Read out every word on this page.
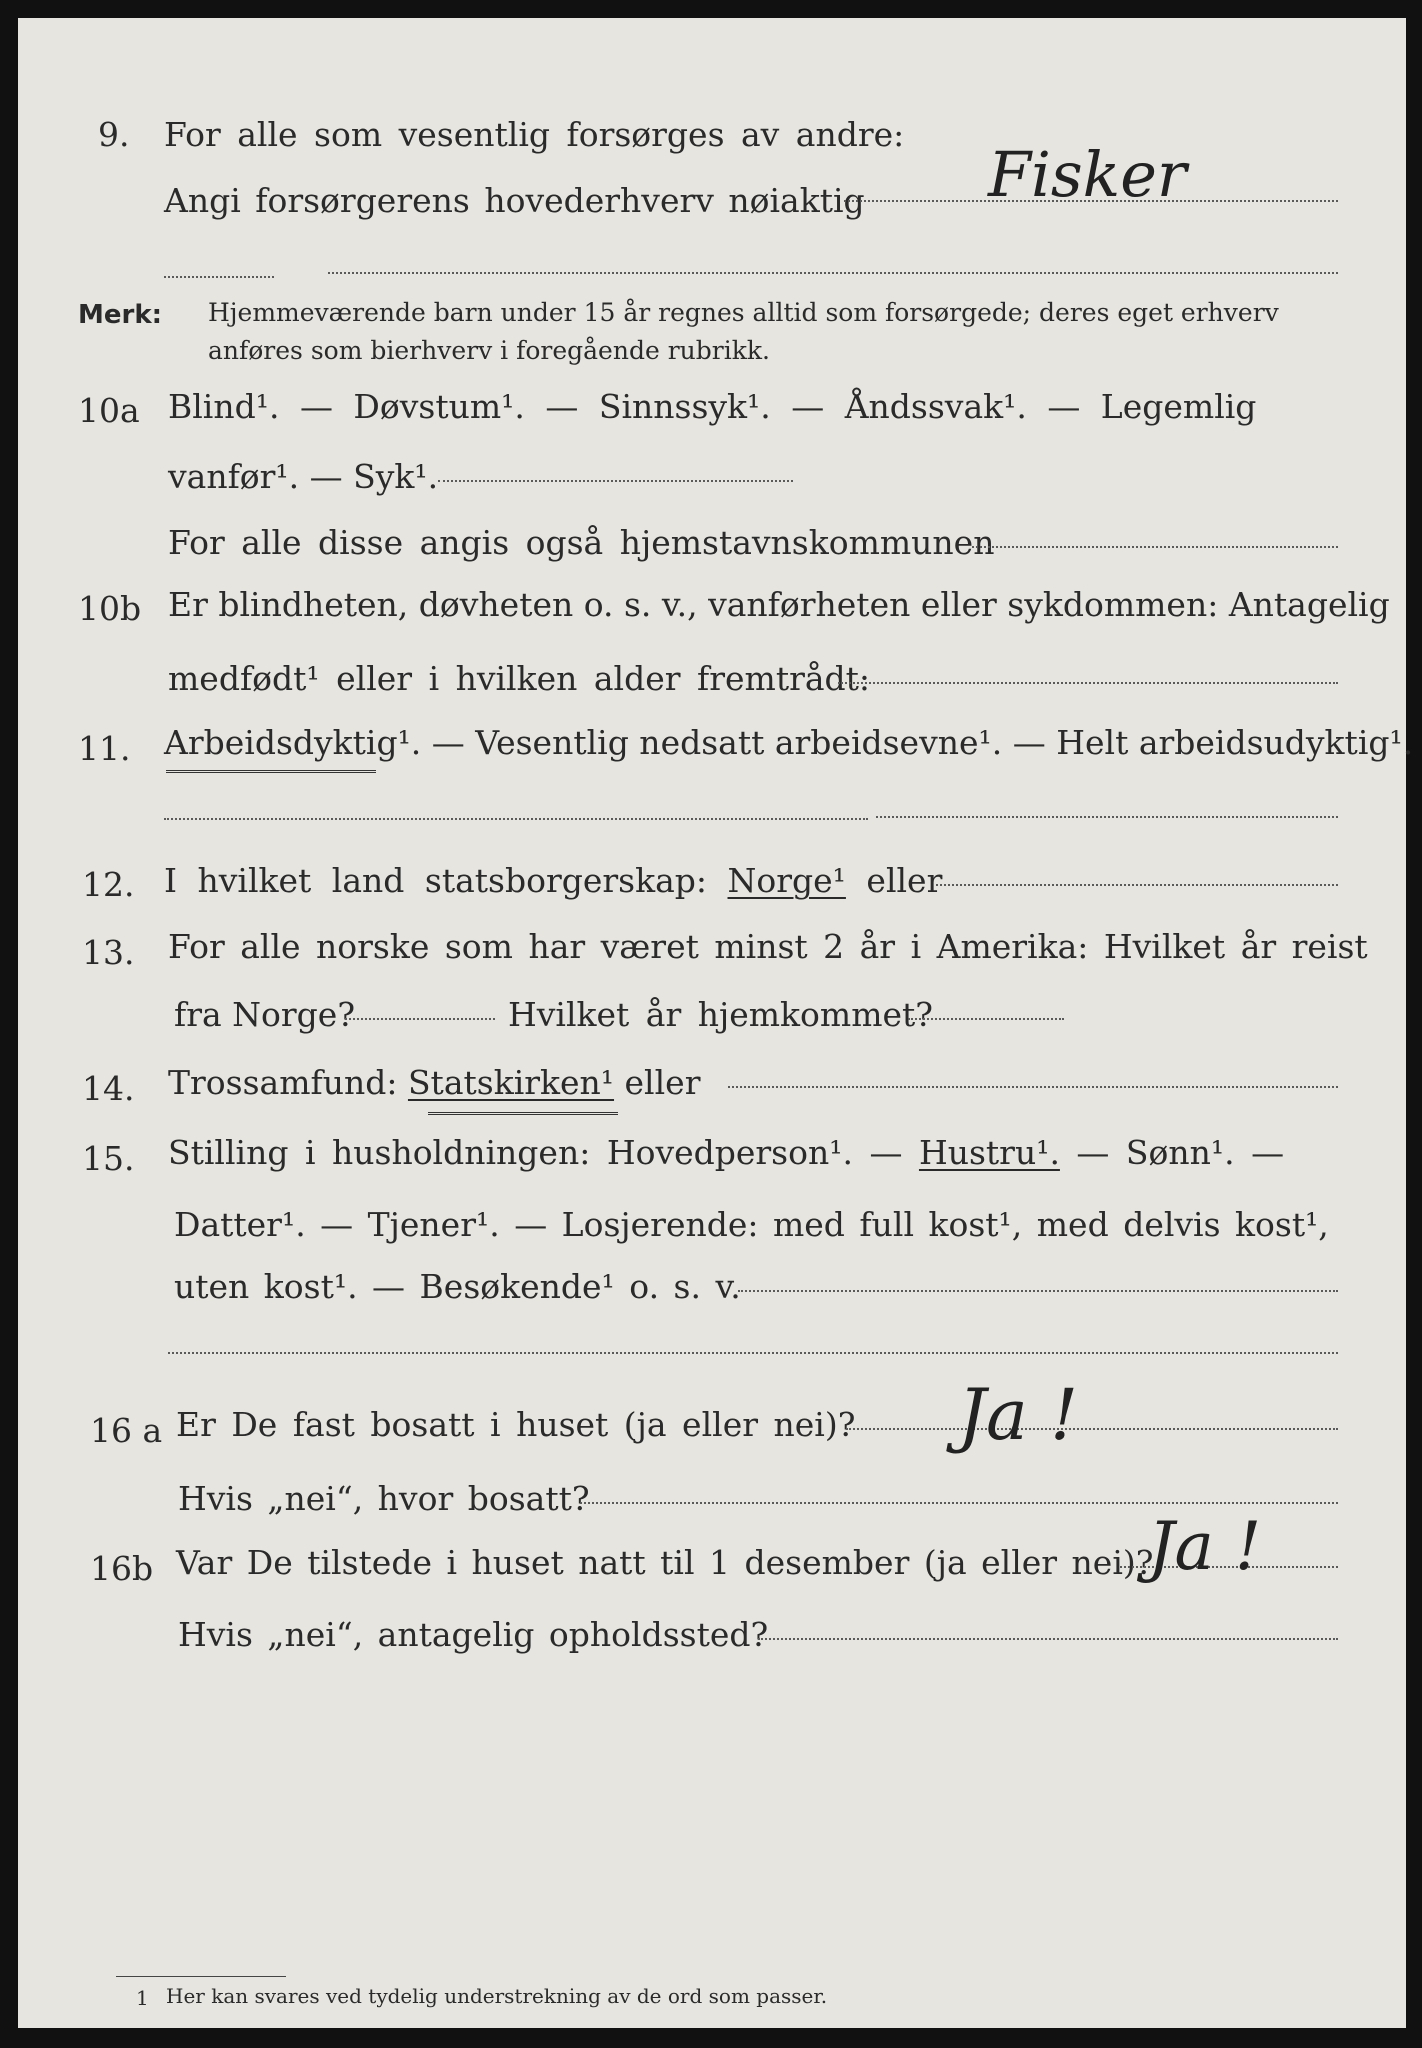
9. For alle som vesentlig forsørges av andre:
Angi forsørgerens hovederhverv nøiaktig Fisker
Merk: Hjemmeværende barn under 15 år regnes alltid som forsørgede; deres eget erhverv
anføres som bierhverv i foregående rubrikk.
10a Blind¹. — Døvstum¹. — Sinnssyk¹. — Åndssvak¹. — Legemlig
vanfør¹. — Syk¹.
For alle disse angis også hjemstavnskommunen
10b Er blindheten, døvheten o. s. v., vanførheten eller sykdommen: Antagelig
medfødt¹ eller i hvilken alder fremtrådt:
11. Arbeidsdyktig¹. — Vesentlig nedsatt arbeidsevne¹. — Helt arbeidsudyktig¹.
12. I hvilket land statsborgerskap: Norge¹ eller
13. For alle norske som har været minst 2 år i Amerika: Hvilket år reist
fra Norge?	Hvilket år hjemkommet?
14. Trossamfund: Statskirken¹ eller
15. Stilling i husholdningen: Hovedperson¹. — Hustru¹. — Sønn¹. —
Datter¹. — Tjener¹. — Losjerende: med full kost¹, med delvis kost¹,
uten kost¹. — Besøkende¹ o. s. v.
16 a Er De fast bosatt i huset (ja eller nei)? Ja !
Hvis „nei“, hvor bosatt?
16b Var De tilstede i huset natt til 1 desember (ja eller nei)?
Ja !
Hvis „nei“, antagelig opholdssted?
1 Her kan svares ved tydelig understrekning av de ord som passer.
